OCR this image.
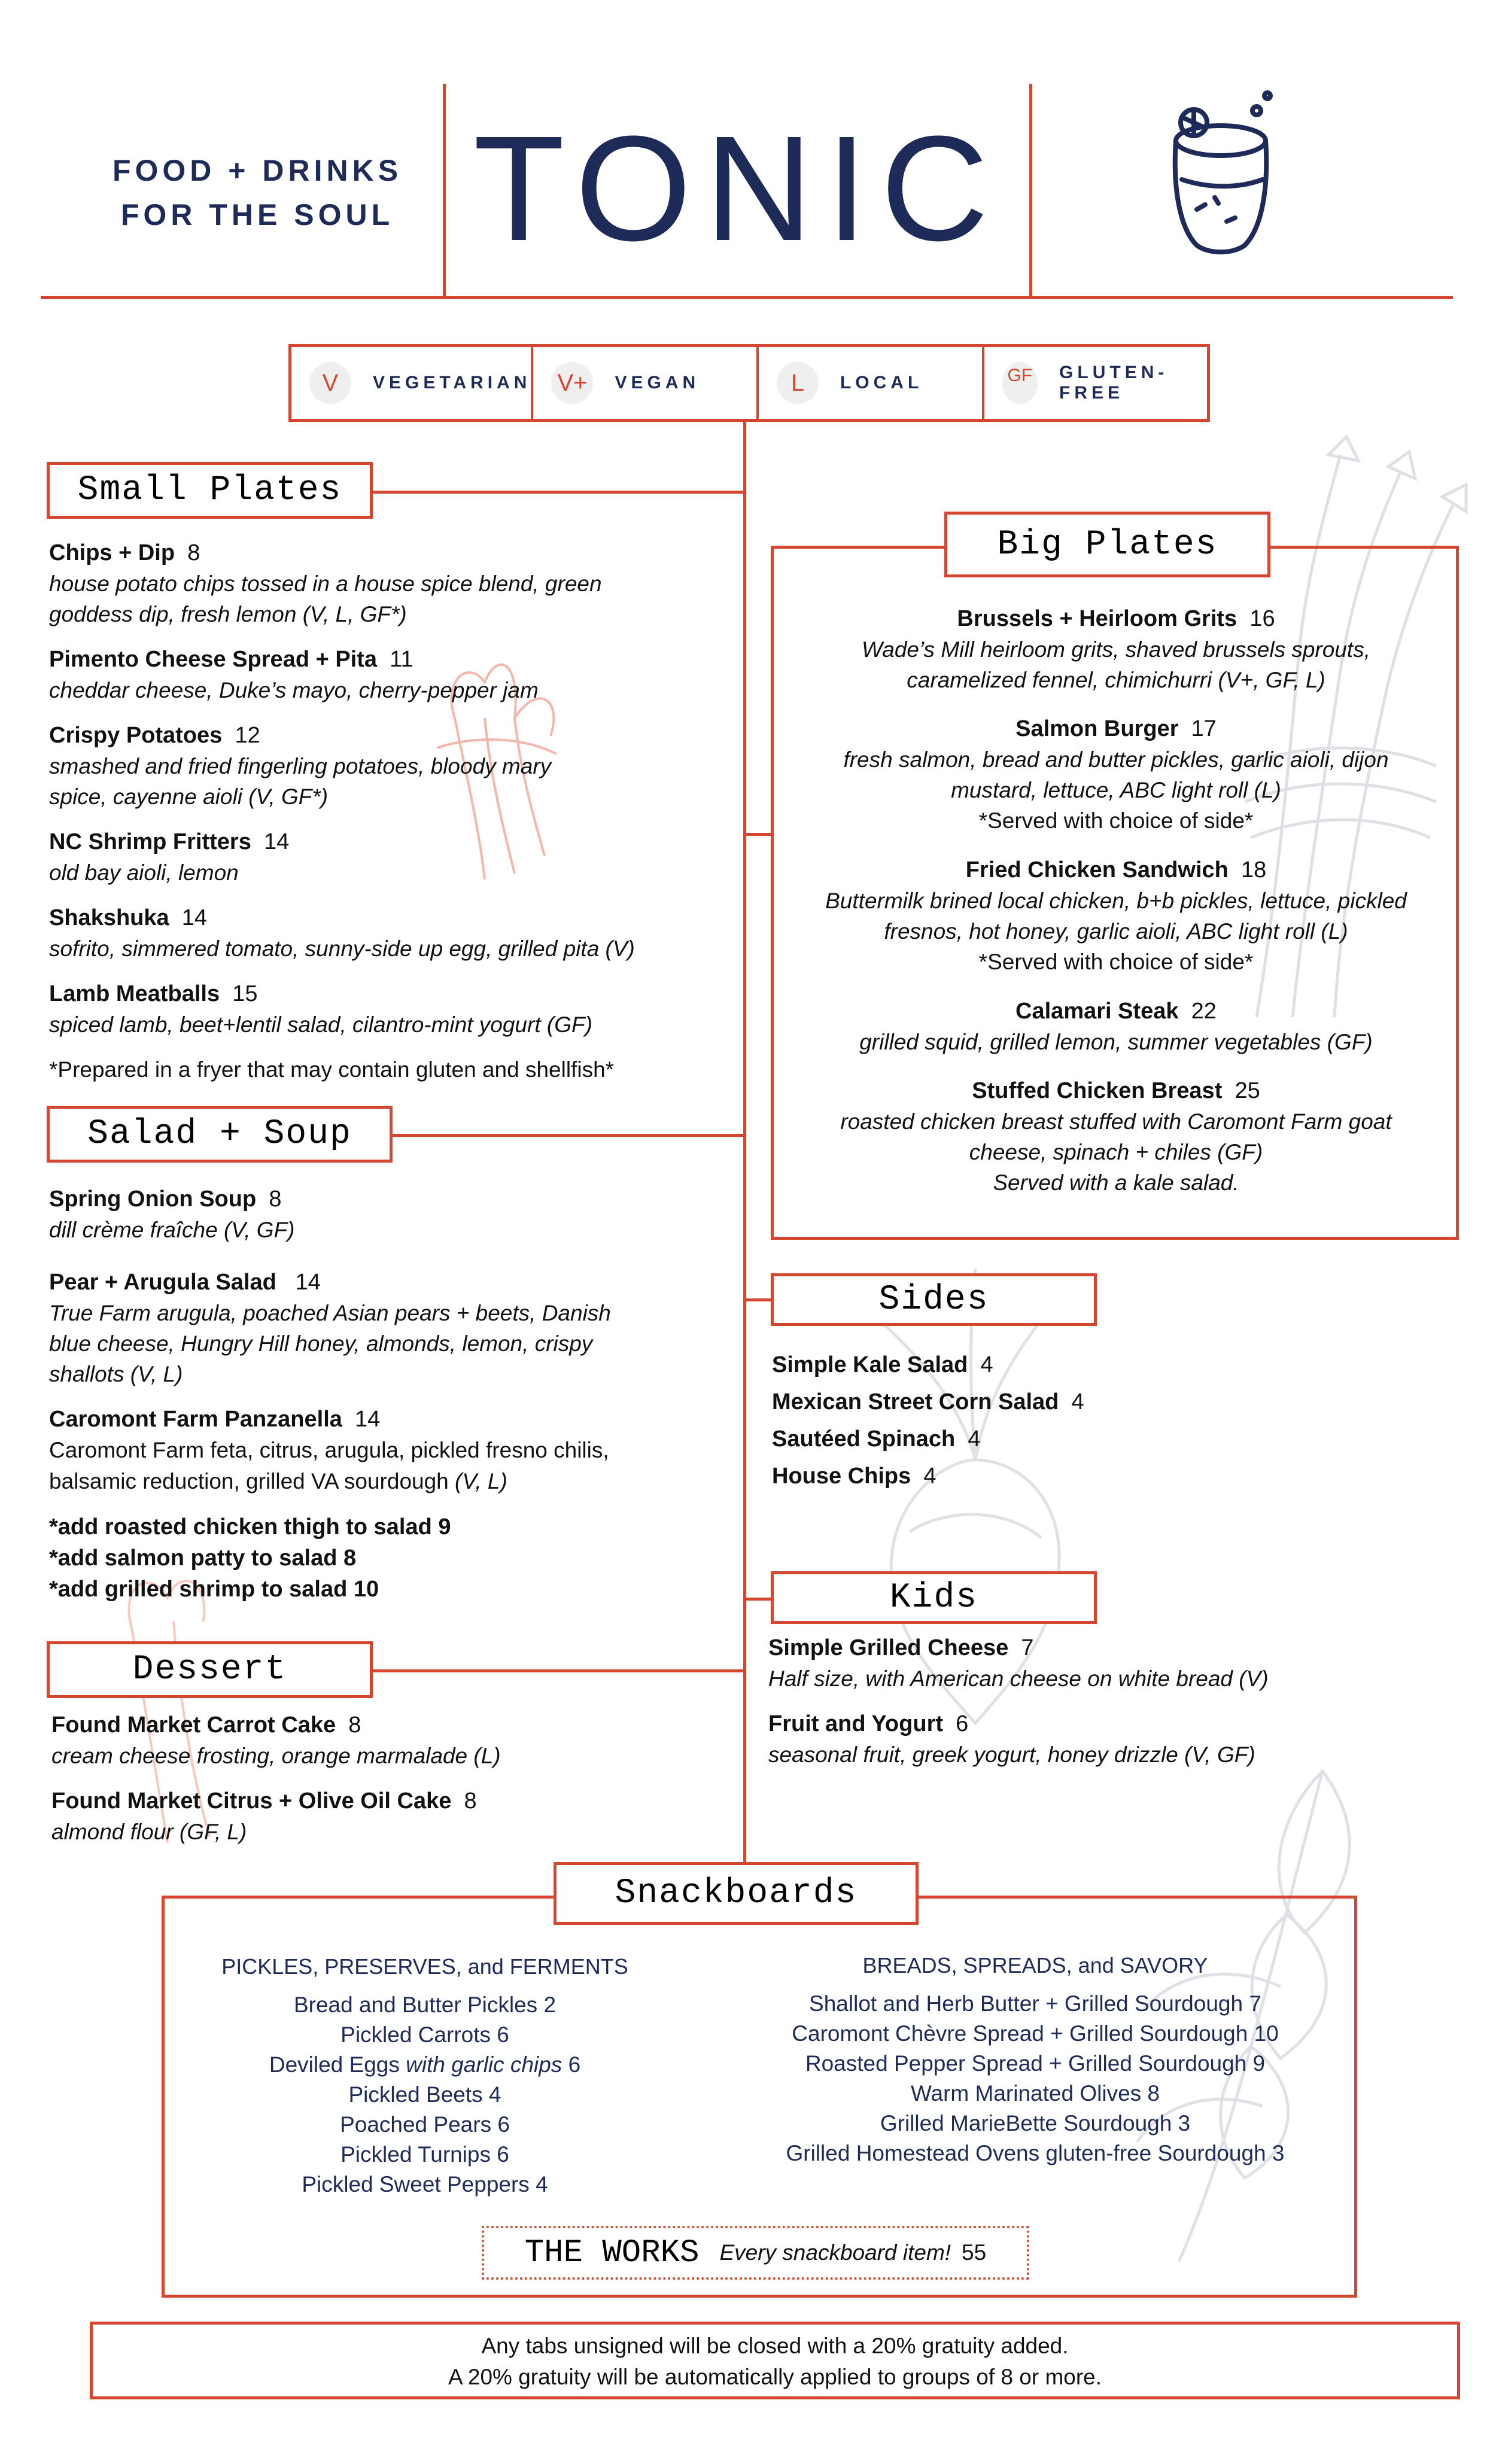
FOOD + DRINKS
FOR THE SOUL TONIC
V	VEGETARIAN V+	VEGAN	L	LOCAL	GF GLUTEN-FREE
Small Plates
Chips + Dip 8
house potato chips tossed in a house spice blend, green goddess dip, fresh lemon (V, L, GF*)
Pimento Cheese Spread + Pita 11
cheddar cheese, Duke’s mayo, cherry-pepper jam
Crispy Potatoes 12
smashed and fried fingerling potatoes, bloody mary spice, cayenne aioli (V, GF*)
NC Shrimp Fritters 14
old bay aioli, lemon
Shakshuka 14
sofrito, simmered tomato, sunny-side up egg, grilled pita (V)
Lamb Meatballs 15
spiced lamb, beet+lentil salad, cilantro-mint yogurt (GF)
*Prepared in a fryer that may contain gluten and shellfish*
Salad + Soup
Spring Onion Soup 8
dill crème fraîche (V, GF)
Pear + Arugula Salad 14
True Farm arugula, poached Asian pears + beets, Danish blue cheese, Hungry Hill honey, almonds, lemon, crispy shallots (V, L)
Caromont Farm Panzanella 14
Caromont Farm feta, citrus, arugula, pickled fresno chilis, balsamic reduction, grilled VA sourdough (V, L)
*add roasted chicken thigh to salad 9
*add salmon patty to salad 8
*add grilled shrimp to salad 10
Dessert
Found Market Carrot Cake 8
cream cheese frosting, orange marmalade (L)
Found Market Citrus + Olive Oil Cake 8
almond flour (GF, L)
Big Plates
Brussels + Heirloom Grits 16
Wade’s Mill heirloom grits, shaved brussels sprouts, caramelized fennel, chimichurri (V+, GF, L)
Salmon Burger 17
fresh salmon, bread and butter pickles, garlic aioli, dijon mustard, lettuce, ABC light roll (L)
*Served with choice of side*
Fried Chicken Sandwich 18
Buttermilk brined local chicken, b+b pickles, lettuce, pickled fresnos, hot honey, garlic aioli, ABC light roll (L)
*Served with choice of side*
Calamari Steak 22
grilled squid, grilled lemon, summer vegetables (GF)
Stuffed Chicken Breast 25
roasted chicken breast stuffed with Caromont Farm goat cheese, spinach + chiles (GF)
Served with a kale salad.
Sides
Simple Kale Salad 4
Mexican Street Corn Salad 4
Sautéed Spinach 4
House Chips 4
Kids
Simple Grilled Cheese 7
Half size, with American cheese on white bread (V)
Fruit and Yogurt 6
seasonal fruit, greek yogurt, honey drizzle (V, GF)
Snackboards
PICKLES, PRESERVES, and FERMENTS
Bread and Butter Pickles 2
Pickled Carrots 6
Deviled Eggs with garlic chips 6
Pickled Beets 4
Poached Pears 6
Pickled Turnips 6
Pickled Sweet Peppers 4
BREADS, SPREADS, and SAVORY
Shallot and Herb Butter + Grilled Sourdough 7
Caromont Chèvre Spread + Grilled Sourdough 10
Roasted Pepper Spread + Grilled Sourdough 9
Warm Marinated Olives 8
Grilled MarieBette Sourdough 3
Grilled Homestead Ovens gluten-free Sourdough 3
THE WORKS Every snackboard item! 55
Any tabs unsigned will be closed with a 20% gratuity added.
A 20% gratuity will be automatically applied to groups of 8 or more.
